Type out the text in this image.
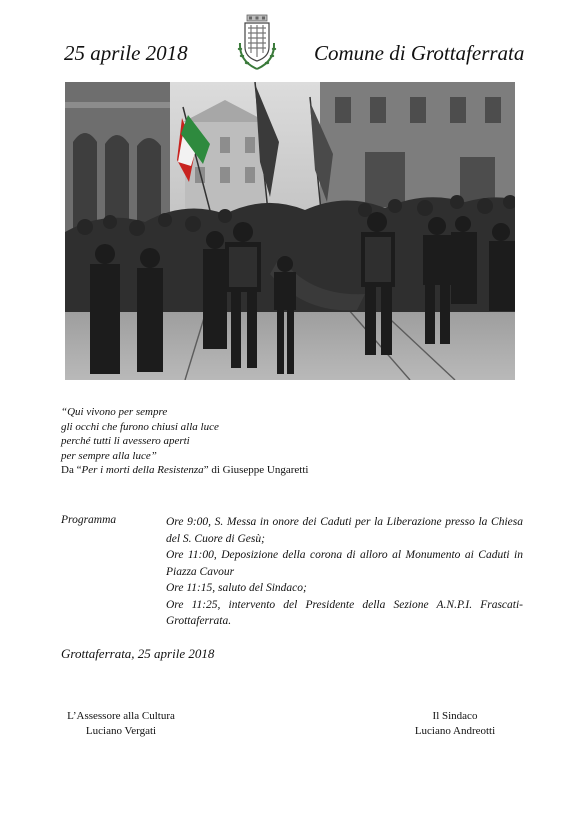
25 aprile 2018	Comune di Grottaferrata
“Qui vivono per sempre
gli occhi che furono chiusi alla luce
perché tutti li avessero aperti
per sempre alla luce”
Da “Per i morti della Resistenza” di Giuseppe Ungaretti
Programma	Ore 9:00, S. Messa in onore dei Caduti per la Liberazione presso la Chiesa del S. Cuore di Gesù;
Ore 11:00, Deposizione della corona di alloro al Monumento ai Caduti in Piazza Cavour
Ore 11:15, saluto del Sindaco;
Ore 11:25, intervento del Presidente della Sezione A.N.P.I. Frascati-Grottaferrata.
Grottaferrata, 25 aprile 2018
L’Assessore alla Cultura
Luciano Vergati
Il Sindaco
Luciano Andreotti
